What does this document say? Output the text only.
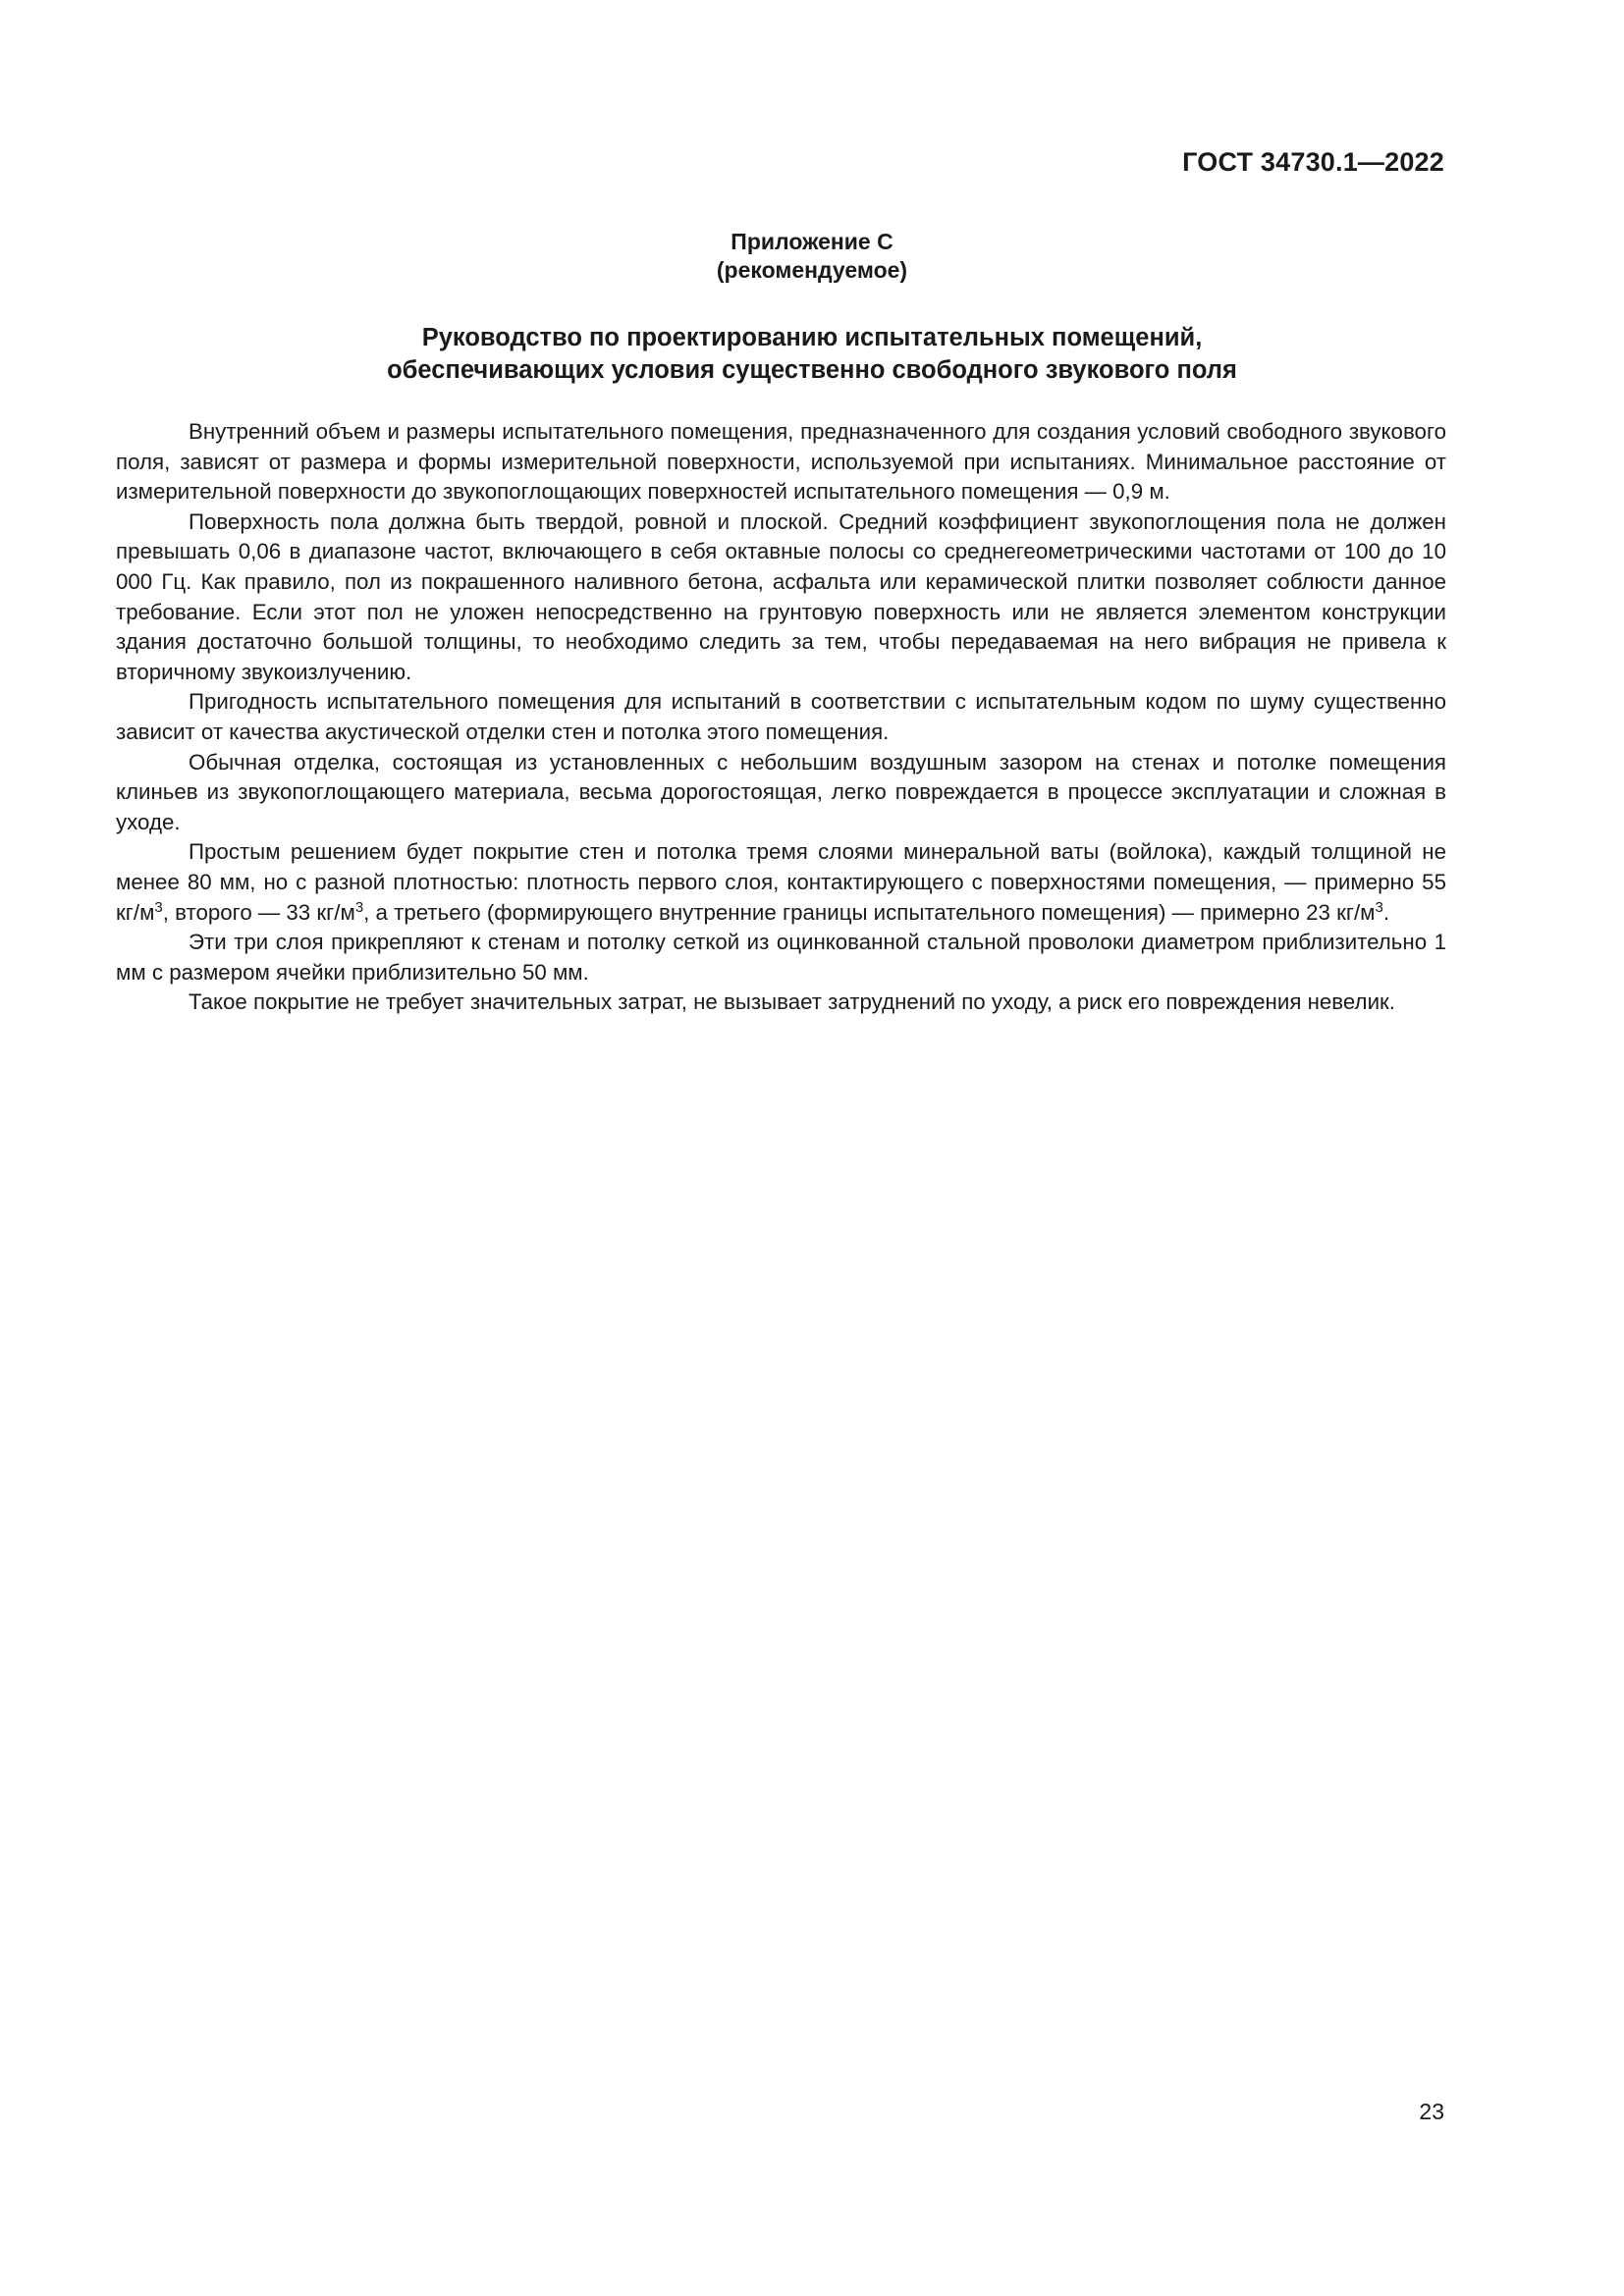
ГОСТ 34730.1—2022
Приложение С
(рекомендуемое)
Руководство по проектированию испытательных помещений,
обеспечивающих условия существенно свободного звукового поля

Внутренний объем и размеры испытательного помещения, предназначенного для создания условий свободного звукового поля, зависят от размера и формы измерительной поверхности, используемой при испытаниях. Минимальное расстояние от измерительной поверхности до звукопоглощающих поверхностей испытательного помещения — 0,9 м.

Поверхность пола должна быть твердой, ровной и плоской. Средний коэффициент звукопоглощения пола не должен превышать 0,06 в диапазоне частот, включающего в себя октавные полосы со среднегеометрическими частотами от 100 до 10 000 Гц. Как правило, пол из покрашенного наливного бетона, асфальта или керамической плитки позволяет соблюсти данное требование. Если этот пол не уложен непосредственно на грунтовую поверхность или не является элементом конструкции здания достаточно большой толщины, то необходимо следить за тем, чтобы передаваемая на него вибрация не привела к вторичному звукоизлучению.

Пригодность испытательного помещения для испытаний в соответствии с испытательным кодом по шуму существенно зависит от качества акустической отделки стен и потолка этого помещения.

Обычная отделка, состоящая из установленных с небольшим воздушным зазором на стенах и потолке помещения клиньев из звукопоглощающего материала, весьма дорогостоящая, легко повреждается в процессе эксплуатации и сложная в уходе.

Простым решением будет покрытие стен и потолка тремя слоями минеральной ваты (войлока), каждый толщиной не менее 80 мм, но с разной плотностью: плотность первого слоя, контактирующего с поверхностями помещения, — примерно 55 $кг/м^3$, второго — 33 $кг/м^3$, а третьего (формирующего внутренние границы испытательного помещения) — примерно 23 $кг/м^3$.

Эти три слоя прикрепляют к стенам и потолку сеткой из оцинкованной стальной проволоки диаметром приблизительно 1 мм с размером ячейки приблизительно 50 мм.

Такое покрытие не требует значительных затрат, не вызывает затруднений по уходу, а риск его повреждения невелик.

23
